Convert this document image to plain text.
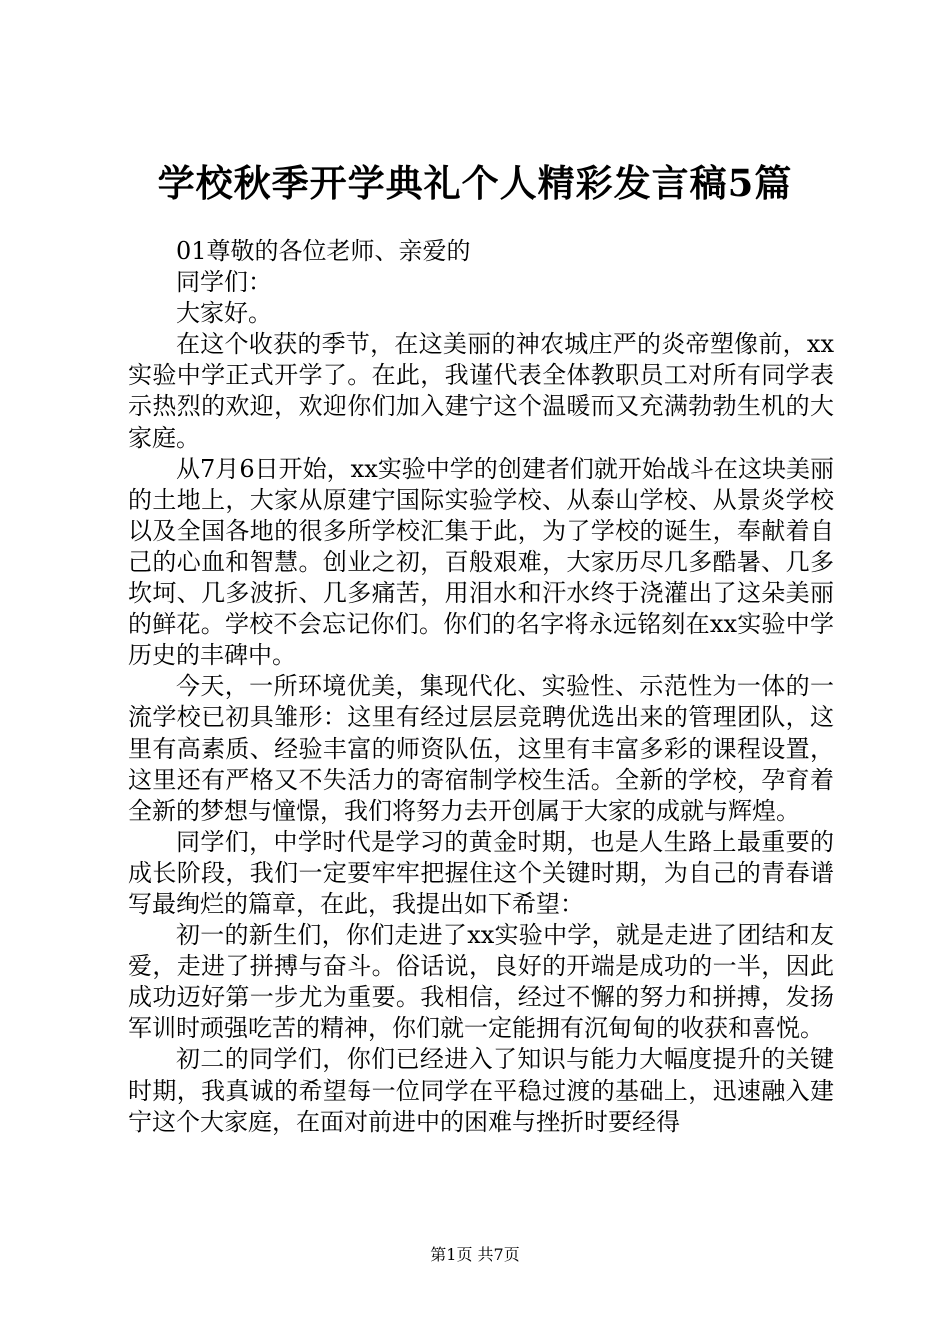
学校秋季开学典礼个人精彩发言稿5篇

01尊敬的各位老师、亲爱的

同学们：

大家好。

在这个收获的季节，在这美丽的神农城庄严的炎帝塑像前，xx实验中学正式开学了。在此，我谨代表全体教职员工对所有同学表示热烈的欢迎，欢迎你们加入建宁这个温暖而又充满勃勃生机的大家庭。

从7月6日开始，xx实验中学的创建者们就开始战斗在这块美丽的土地上，大家从原建宁国际实验学校、从泰山学校、从景炎学校以及全国各地的很多所学校汇集于此，为了学校的诞生，奉献着自己的心血和智慧。创业之初，百般艰难，大家历尽几多酷暑、几多坎坷、几多波折、几多痛苦，用泪水和汗水终于浇灌出了这朵美丽的鲜花。学校不会忘记你们。你们的名字将永远铭刻在xx实验中学历史的丰碑中。

今天，一所环境优美，集现代化、实验性、示范性为一体的一流学校已初具雏形：这里有经过层层竞聘优选出来的管理团队，这里有高素质、经验丰富的师资队伍，这里有丰富多彩的课程设置，这里还有严格又不失活力的寄宿制学校生活。全新的学校，孕育着全新的梦想与憧憬，我们将努力去开创属于大家的成就与辉煌。

同学们，中学时代是学习的黄金时期，也是人生路上最重要的成长阶段，我们一定要牢牢把握住这个关键时期，为自己的青春谱写最绚烂的篇章，在此，我提出如下希望：

初一的新生们，你们走进了xx实验中学，就是走进了团结和友爱，走进了拼搏与奋斗。俗话说，良好的开端是成功的一半，因此成功迈好第一步尤为重要。我相信，经过不懈的努力和拼搏，发扬军训时顽强吃苦的精神，你们就一定能拥有沉甸甸的收获和喜悦。

初二的同学们，你们已经进入了知识与能力大幅度提升的关键时期，我真诚的希望每一位同学在平稳过渡的基础上，迅速融入建宁这个大家庭，在面对前进中的困难与挫折时要经得

第1页 共7页
